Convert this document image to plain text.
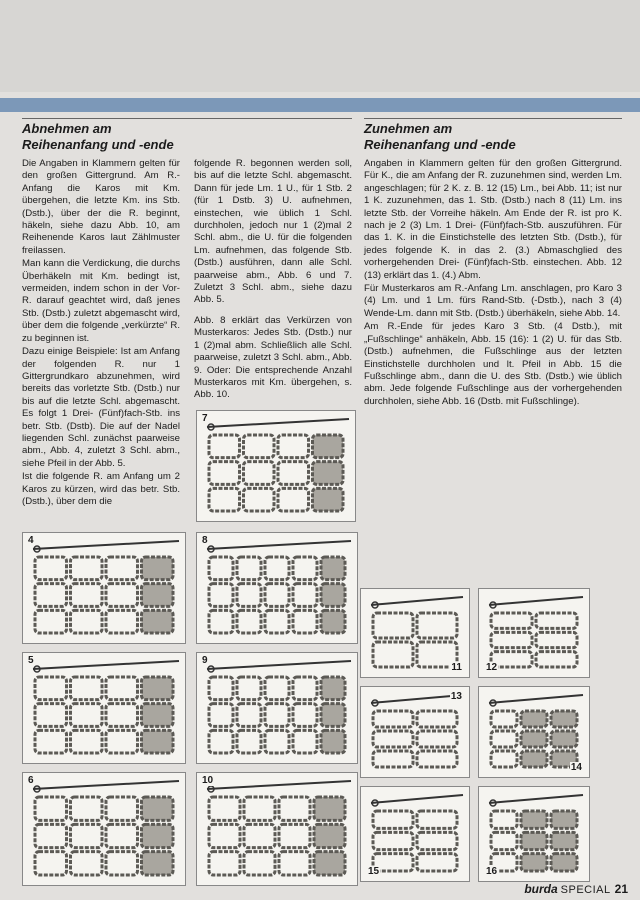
Abnehmen am
Reihenanfang und -ende

Die Angaben in Klammern gelten für den großen Gittergrund. Am R.-Anfang die Karos mit Km. übergehen, die letzte Km. ins Stb. (Dstb.), über der die R. beginnt, häkeln, siehe dazu Abb. 10, am Reihenende Karos laut Zählmuster freilassen.

Man kann die Verdickung, die durchs Überhäkeln mit Km. bedingt ist, vermeiden, indem schon in der Vor-R. darauf geachtet wird, daß jenes Stb. (Dstb.) zuletzt abgemascht wird, über dem die folgende „verkürzte“ R. zu beginnen ist.

Dazu einige Beispiele: Ist am Anfang der folgenden R. nur 1 Gittergrundkaro abzunehmen, wird bereits das vorletzte Stb. (Dstb.) nur bis auf die letzte Schl. abgemascht. Es folgt 1 Drei- (Fünf)fach-Stb. ins betr. Stb. (Dstb). Die auf der Nadel liegenden Schl. zunächst paarweise abm., Abb. 4, zuletzt 3 Schl. abm., siehe Pfeil in der Abb. 5.

Ist die folgende R. am Anfang um 2 Karos zu kürzen, wird das betr. Stb. (Dstb.), über dem die

folgende R. begonnen werden soll, bis auf die letzte Schl. abgemascht. Dann für jede Lm. 1 U., für 1 Stb. 2 (für 1 Dstb. 3) U. aufnehmen, einstechen, wie üblich 1 Schl. durchholen, jedoch nur 1 (2)mal 2 Schl. abm., die U. für die folgenden Lm. aufnehmen, das folgende Stb. (Dstb.) ausführen, dann alle Schl. paarweise abm., Abb. 6 und 7. Zuletzt 3 Schl. abm., siehe dazu Abb. 5.

Abb. 8 erklärt das Verkürzen von Musterkaros: Jedes Stb. (Dstb.) nur 1 (2)mal abm. Schließlich alle Schl. paarweise, zuletzt 3 Schl. abm., Abb. 9. Oder: Die entsprechende Anzahl Musterkaros mit Km. übergehen, s. Abb. 10.

Zunehmen am
Reihenanfang und -ende

Angaben in Klammern gelten für den großen Gittergrund. Für K., die am Anfang der R. zuzunehmen sind, werden Lm. angeschlagen; für 2 K. z. B. 12 (15) Lm., bei Abb. 11; ist nur 1 K. zuzunehmen, das 1. Stb. (Dstb.) nach 8 (11) Lm. ins letzte Stb. der Vorreihe häkeln. Am Ende der R. ist pro K. nach je 2 (3) Lm. 1 Drei- (Fünf)fach-Stb. auszuführen. Für das 1. K. in die Einstichstelle des letzten Stb. (Dstb.), für jedes folgende K. in das 2. (3.) Abmaschglied des vorhergehenden Drei- (Fünf)fach-Stb. einstechen. Abb. 12 (13) erklärt das 1. (4.) Abm.

Für Musterkaros am R.-Anfang Lm. anschlagen, pro Karo 3 (4) Lm. und 1 Lm. fürs Rand-Stb. (-Dstb.), nach 3 (4) Wende-Lm. dann mit Stb. (Dstb.) überhäkeln, siehe Abb. 14.

Am R.-Ende für jedes Karo 3 Stb. (4 Dstb.), mit „Fußschlinge“ anhäkeln, Abb. 15 (16): 1 (2) U. für das Stb. (Dstb.) aufnehmen, die Fußschlinge aus der letzten Einstichstelle durchholen und lt. Pfeil in Abb. 15 die Fußschlinge abm., dann die U. des Stb. (Dstb.) wie üblich abm. Jede folgende Fußschlinge aus der vorhergehenden durchholen, siehe Abb. 16 (Dstb. mit Fußschlinge).

7
4	8
5	9
6	10
11 12
13
14
15	16
burda SPECIAL 21
